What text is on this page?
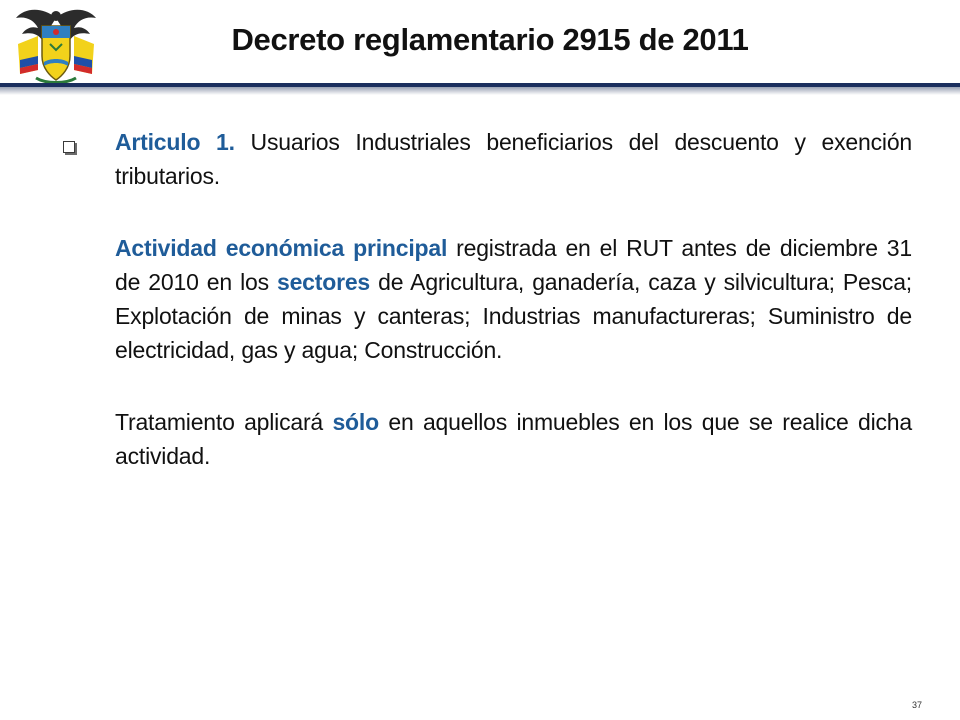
Decreto reglamentario 2915 de 2011

Articulo 1. Usuarios Industriales beneficiarios del descuento y exención tributarios.

Actividad económica principal registrada en el RUT antes de diciembre 31 de 2010 en los sectores de Agricultura, ganadería, caza y silvicultura; Pesca; Explotación de minas y canteras; Industrias manufactureras; Suministro de electricidad, gas y agua; Construcción.

Tratamiento aplicará sólo en aquellos inmuebles en los que se realice dicha actividad.

37
